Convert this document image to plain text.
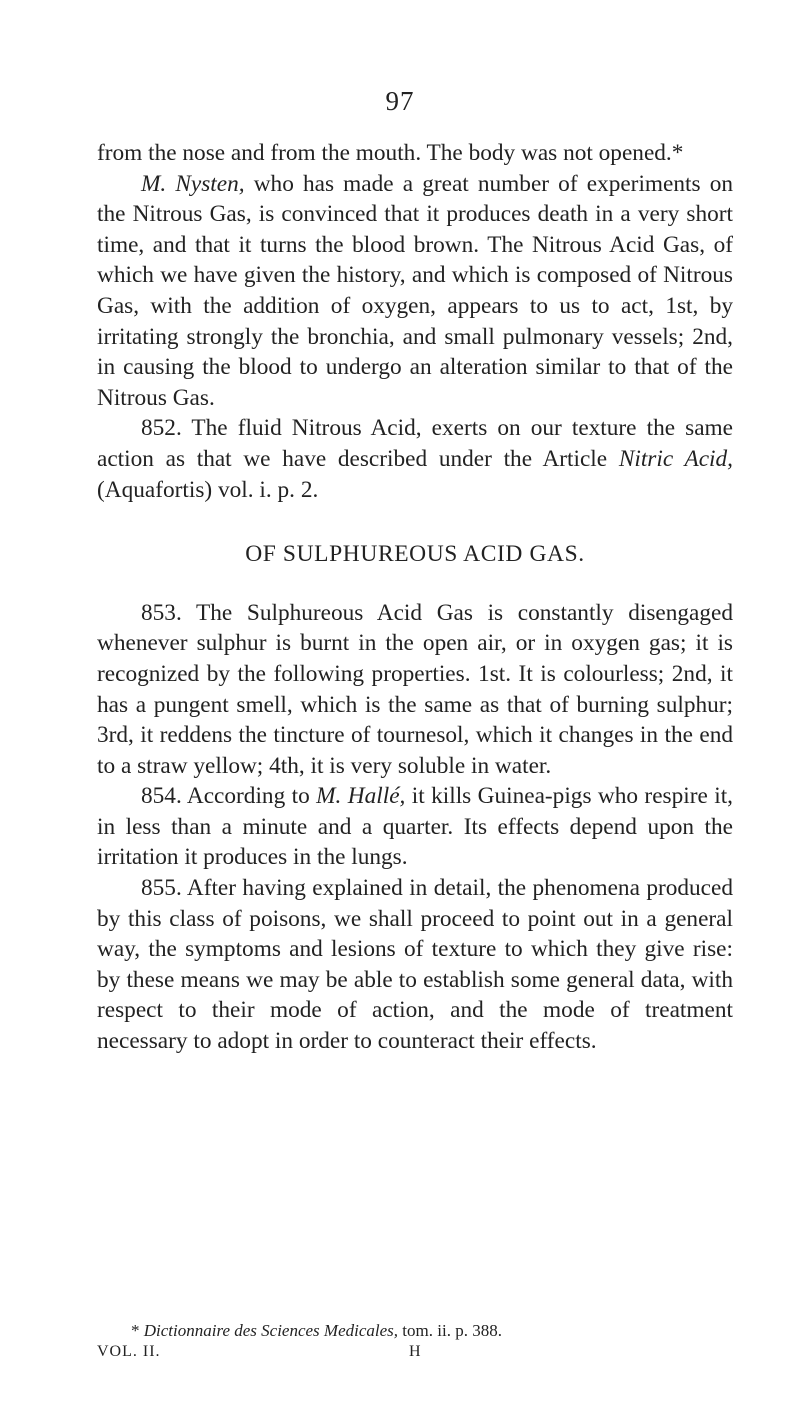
97

from the nose and from the mouth. The body was not opened.*

M. Nysten, who has made a great number of experiments on the Nitrous Gas, is convinced that it produces death in a very short time, and that it turns the blood brown. The Nitrous Acid Gas, of which we have given the history, and which is composed of Nitrous Gas, with the addition of oxygen, appears to us to act, 1st, by irritating strongly the bronchia, and small pulmonary vessels; 2nd, in causing the blood to undergo an alteration similar to that of the Nitrous Gas.

852. The fluid Nitrous Acid, exerts on our texture the same action as that we have described under the Article Nitric Acid, (Aquafortis) vol. i. p. 2.

OF SULPHUREOUS ACID GAS.

853. The Sulphureous Acid Gas is constantly disengaged whenever sulphur is burnt in the open air, or in oxygen gas; it is recognized by the following properties. 1st. It is colourless; 2nd, it has a pungent smell, which is the same as that of burning sulphur; 3rd, it reddens the tincture of tournesol, which it changes in the end to a straw yellow; 4th, it is very soluble in water.

854. According to M. Hallé, it kills Guinea-pigs who respire it, in less than a minute and a quarter. Its effects depend upon the irritation it produces in the lungs.

855. After having explained in detail, the phenomena produced by this class of poisons, we shall proceed to point out in a general way, the symptoms and lesions of texture to which they give rise: by these means we may be able to establish some general data, with respect to their mode of action, and the mode of treatment necessary to adopt in order to counteract their effects.

* Dictionnaire des Sciences Medicales, tom. ii. p. 388.
VOL. II.	H
